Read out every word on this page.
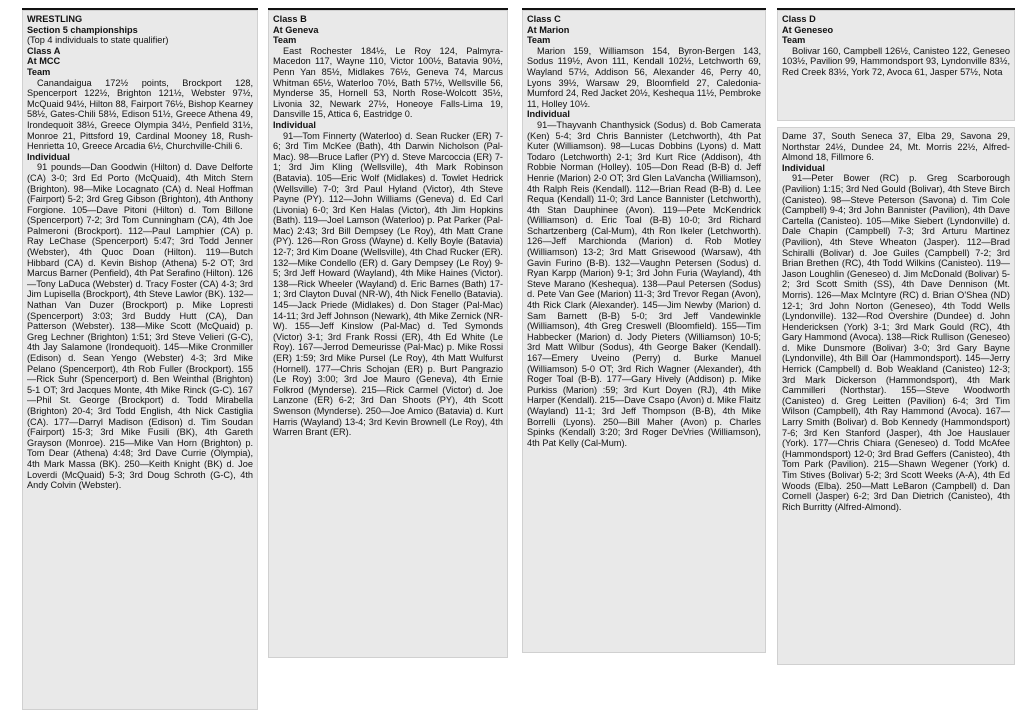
WRESTLING
Section 5 championships

(Top 4 individuals to state qualifier)

Class A
At MCC
Team

Canandaigua 172½ points, Brockport 128, Spencerport 122½, Brighton 121½, Webster 97½, McQuaid 94½, Hilton 88, Fairport 76½, Bishop Kearney 58½, Gates-Chili 58½, Edison 51½, Greece Athena 49, Irondequoit 38½, Greece Olympia 34½, Penfield 31½, Monroe 21, Pittsford 19, Cardinal Mooney 18, Rush-Henrietta 10, Greece Arcadia 6½, Churchville-Chili 6.

Individual

91 pounds—Dan Goodwin (Hilton) d. Dave Delforte (CA) 3-0; 3rd Ed Porto (McQuaid), 4th Mitch Stern (Brighton). 98—Mike Locagnato (CA) d. Neal Hoffman (Fairport) 5-2; 3rd Greg Gibson (Brighton), 4th Anthony Forgione. 105—Dave Pitoni (Hilton) d. Tom Billone (Spencerport) 7-2; 3rd Tom Cunningham (CA), 4th Joe Palmeroni (Brockport). 112—Paul Lamphier (CA) p. Ray LeChase (Spencerport) 5:47; 3rd Todd Jenner (Webster), 4th Quoc Doan (Hilton). 119—Butch Hibbard (CA) d. Kevin Bishop (Athena) 5-2 OT; 3rd Marcus Barner (Penfield), 4th Pat Serafino (Hilton). 126—Tony LaDuca (Webster) d. Tracy Foster (CA) 4-3; 3rd Jim Lupisella (Brockport), 4th Steve Lawlor (BK). 132—Nathan Van Duzer (Brockport) p. Mike Lopresti (Spencerport) 3:03; 3rd Buddy Hutt (CA), Dan Patterson (Webster). 138—Mike Scott (McQuaid) p. Greg Lechner (Brighton) 1:51; 3rd Steve Velieri (G-C), 4th Jay Salamone (Irondequoit). 145—Mike Cronmiller (Edison) d. Sean Yengo (Webster) 4-3; 3rd Mike Pelano (Spencerport), 4th Rob Fuller (Brockport). 155—Rick Suhr (Spencerport) d. Ben Weinthal (Brighton) 5-1 OT; 3rd Jacques Monte, 4th Mike Rinck (G-C). 167—Phil St. George (Brockport) d. Todd Mirabella (Brighton) 20-4; 3rd Todd English, 4th Nick Castiglia (CA). 177—Darryl Madison (Edison) d. Tim Soudan (Fairport) 15-3; 3rd Mike Fusili (BK), 4th Gareth Grayson (Monroe). 215—Mike Van Horn (Brighton) p. Tom Dear (Athena) 4:48; 3rd Dave Currie (Olympia), 4th Mark Massa (BK). 250—Keith Knight (BK) d. Joe Loverdi (McQuaid) 5-3; 3rd Doug Schroth (G-C), 4th Andy Colvin (Webster).

Class B
At Geneva
Team

East Rochester 184½, Le Roy 124, Palmyra-Macedon 117, Wayne 110, Victor 100½, Batavia 90½, Penn Yan 85½, Midlakes 76½, Geneva 74, Marcus Whitman 65½, Waterloo 70½, Bath 57½, Wellsville 56, Mynderse 35, Hornell 53, North Rose-Wolcott 35½, Livonia 32, Newark 27½, Honeoye Falls-Lima 19, Dansville 15, Attica 6, Eastridge 0.

Individual

91—Tom Finnerty (Waterloo) d. Sean Rucker (ER) 7-6; 3rd Tim McKee (Bath), 4th Darwin Nicholson (Pal-Mac). 98—Bruce Lafler (PY) d. Steve Marcoccia (ER) 7-1; 3rd Jim Kling (Wellsville), 4th Mark Robinson (Batavia). 105—Eric Wolf (Midlakes) d. Towlet Hedrick (Wellsville) 7-0; 3rd Paul Hyland (Victor), 4th Steve Payne (PY). 112—John Williams (Geneva) d. Ed Carl (Livonia) 6-0; 3rd Ken Halas (Victor), 4th Jim Hopkins (Bath). 119—Joel Lamson (Waterloo) p. Pat Parker (Pal-Mac) 2:43; 3rd Bill Dempsey (Le Roy), 4th Matt Crane (PY). 126—Ron Gross (Wayne) d. Kelly Boyle (Batavia) 12-7; 3rd Kim Doane (Wellsville), 4th Chad Rucker (ER). 132—Mike Condello (ER) d. Gary Dempsey (Le Roy) 9-5; 3rd Jeff Howard (Wayland), 4th Mike Haines (Victor). 138—Rick Wheeler (Wayland) d. Eric Barnes (Bath) 17-1; 3rd Clayton Duval (NR-W), 4th Nick Fenello (Batavia). 145—Jack Priede (Midlakes) d. Don Stager (Pal-Mac) 14-11; 3rd Jeff Johnson (Newark), 4th Mike Zernick (NR-W). 155—Jeff Kinslow (Pal-Mac) d. Ted Symonds (Victor) 3-1; 3rd Frank Rossi (ER), 4th Ed White (Le Roy). 167—Jerrod Demeurisse (Pal-Mac) p. Mike Rossi (ER) 1:59; 3rd Mike Pursel (Le Roy), 4th Matt Wulfurst (Hornell). 177—Chris Schojan (ER) p. Burt Pangrazio (Le Roy) 3:00; 3rd Joe Mauro (Geneva), 4th Ernie Folkrod (Mynderse). 215—Rick Carmel (Victor) d. Joe Lanzone (ER) 6-2; 3rd Dan Shoots (PY), 4th Scott Swenson (Mynderse). 250—Joe Amico (Batavia) d. Kurt Harris (Wayland) 13-4; 3rd Kevin Brownell (Le Roy), 4th Warren Brant (ER).

Class C
At Marion
Team

Marion 159, Williamson 154, Byron-Bergen 143, Sodus 119½, Avon 111, Kendall 102½, Letchworth 69, Wayland 57½, Addison 56, Alexander 46, Perry 40, Lyons 39½, Warsaw 29, Bloomfield 27, Caledonia-Mumford 24, Red Jacket 20½, Keshequa 11½, Pembroke 11, Holley 10½.

Individual

91—Thayvanh Chanthysick (Sodus) d. Bob Camerata (Ken) 5-4; 3rd Chris Bannister (Letchworth), 4th Pat Kuter (Williamson). 98—Lucas Dobbins (Lyons) d. Matt Todaro (Letchworth) 2-1; 3rd Kurt Rice (Addison), 4th Robbie Norman (Holley). 105—Don Read (B-B) d. Jeff Henrie (Marion) 2-0 OT; 3rd Glen LaVancha (Williamson), 4th Ralph Reis (Kendall). 112—Brian Read (B-B) d. Lee Requa (Kendall) 11-0; 3rd Lance Bannister (Letchworth), 4th Stan Dauphinee (Avon). 119—Pete McKendrick (Williamson) d. Eric Toal (B-B) 10-0; 3rd Richard Schartzenberg (Cal-Mum), 4th Ron Ikeler (Letchworth). 126—Jeff Marchionda (Marion) d. Rob Motley (Williamson) 13-2; 3rd Matt Grisewood (Warsaw), 4th Gavin Furino (B-B). 132—Vaughn Petersen (Sodus) d. Ryan Karpp (Marion) 9-1; 3rd John Furia (Wayland), 4th Steve Marano (Keshequa). 138—Paul Petersen (Sodus) d. Pete Van Gee (Marion) 11-3; 3rd Trevor Regan (Avon), 4th Rick Clark (Alexander). 145—Jim Newby (Marion) d. Sam Barnett (B-B) 5-0; 3rd Jeff Vandewinkle (Williamson), 4th Greg Creswell (Bloomfield). 155—Tim Habbecker (Marion) d. Jody Pieters (Williamson) 10-5; 3rd Matt Wilbur (Sodus), 4th George Baker (Kendall). 167—Emery Uveino (Perry) d. Burke Manuel (Williamson) 5-0 OT; 3rd Rich Wagner (Alexander), 4th Roger Toal (B-B). 177—Gary Hively (Addison) p. Mike Purkiss (Marion) :59; 3rd Kurt Doyen (RJ), 4th Mike Harper (Kendall). 215—Dave Csapo (Avon) d. Mike Flaitz (Wayland) 11-1; 3rd Jeff Thompson (B-B), 4th Mike Borrelli (Lyons). 250—Bill Maher (Avon) p. Charles Spinks (Kendall) 3:20; 3rd Roger DeVries (Williamson), 4th Pat Kelly (Cal-Mum).

Class D
At Geneseo
Team

Bolivar 160, Campbell 126½, Canisteo 122, Geneseo 103½, Pavilion 99, Hammondsport 93, Lyndonville 83½, Red Creek 83½, York 72, Avoca 61, Jasper 57½, Nota

Dame 37, South Seneca 37, Elba 29, Savona 29, Northstar 24½, Dundee 24, Mt. Morris 22½, Alfred-Almond 18, Fillmore 6.

Individual

91—Peter Bower (RC) p. Greg Scarborough (Pavilion) 1:15; 3rd Ned Gould (Bolivar), 4th Steve Birch (Canisteo). 98—Steve Peterson (Savona) d. Tim Cole (Campbell) 9-4; 3rd John Bannister (Pavilion), 4th Dave Cartella (Canisteo). 105—Mike Siebert (Lyndonville) d. Dale Chapin (Campbell) 7-3; 3rd Arturu Martinez (Pavilion), 4th Steve Wheaton (Jasper). 112—Brad Schiralli (Bolivar) d. Joe Guiles (Campbell) 7-2; 3rd Brian Brethen (RC), 4th Todd Wilkins (Canisteo). 119—Jason Loughlin (Geneseo) d. Jim McDonald (Bolivar) 5-2; 3rd Scott Smith (SS), 4th Dave Dennison (Mt. Morris). 126—Max McIntyre (RC) d. Brian O'Shea (ND) 12-1; 3rd John Norton (Geneseo), 4th Todd Wells (Lyndonville). 132—Rod Overshire (Dundee) d. John Hendericksen (York) 3-1; 3rd Mark Gould (RC), 4th Gary Hammond (Avoca). 138—Rick Rullison (Geneseo) d. Mike Dunsmore (Bolivar) 3-0; 3rd Gary Bayne (Lyndonville), 4th Bill Oar (Hammondsport). 145—Jerry Herrick (Campbell) d. Bob Weakland (Canisteo) 12-3; 3rd Mark Dickerson (Hammondsport), 4th Mark Cammilleri (Northstar). 155—Steve Woodworth (Canisteo) d. Greg Leitten (Pavilion) 6-4; 3rd Tim Wilson (Campbell), 4th Ray Hammond (Avoca). 167—Larry Smith (Bolivar) d. Bob Kennedy (Hammondsport) 7-6; 3rd Ken Stanford (Jasper), 4th Joe Hauslauer (York). 177—Chris Chiara (Geneseo) d. Todd McAfee (Hammondsport) 12-0; 3rd Brad Geffers (Canisteo), 4th Tom Park (Pavilion). 215—Shawn Wegener (York) d. Tim Stives (Bolivar) 5-2; 3rd Scott Weeks (A-A), 4th Ed Woods (Elba). 250—Matt LeBaron (Campbell) d. Dan Cornell (Jasper) 6-2; 3rd Dan Dietrich (Canisteo), 4th Rich Burritty (Alfred-Almond).
